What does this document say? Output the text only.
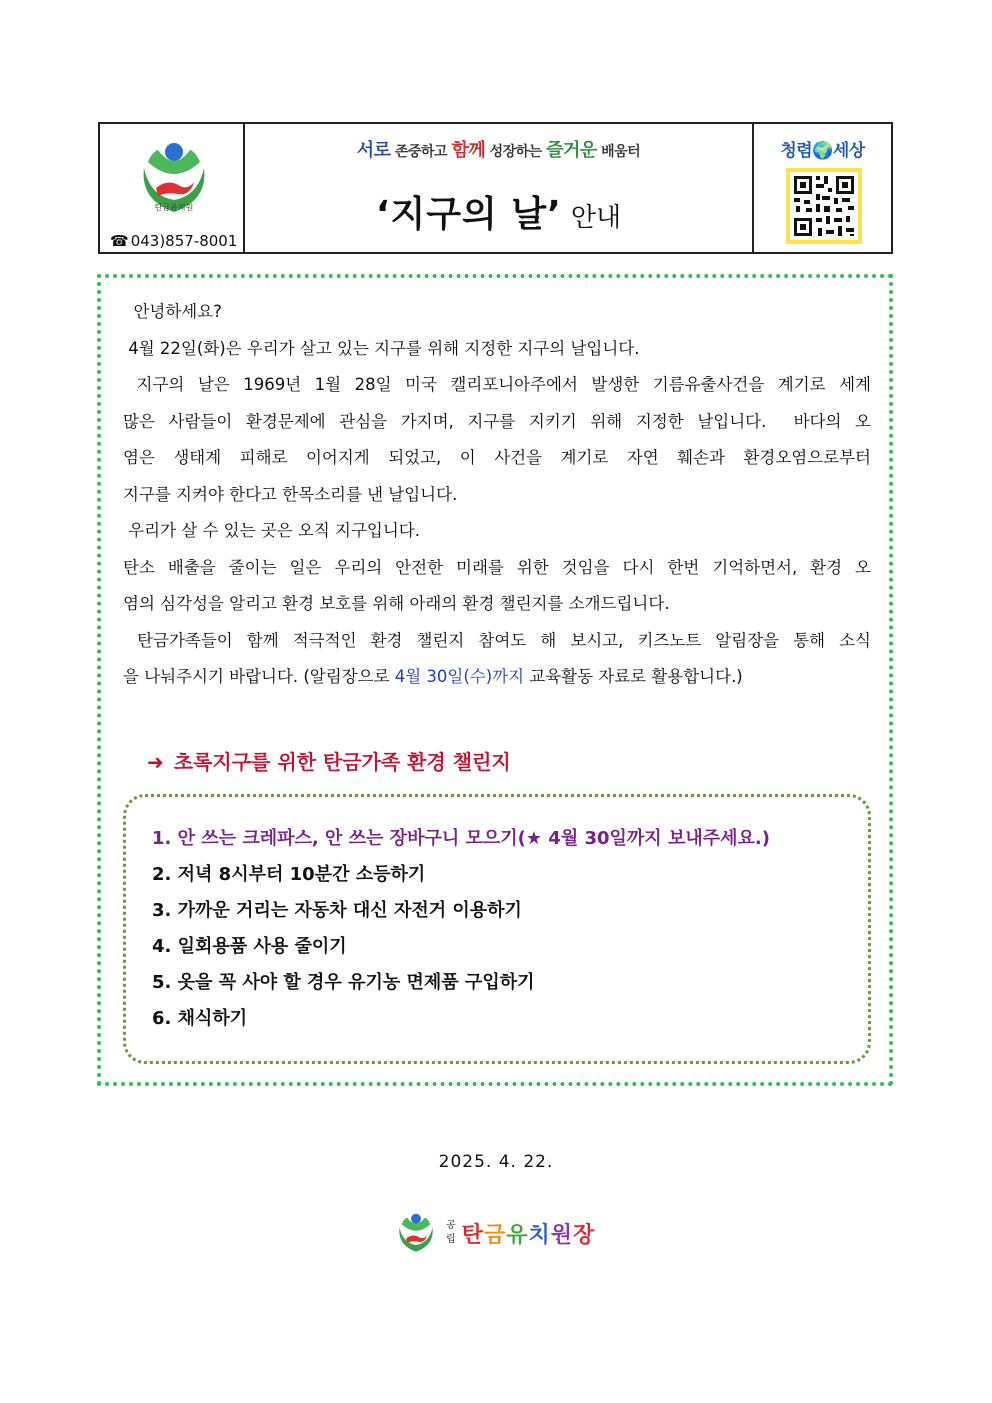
탄금유치원
☎ 043)857-8001
서로 존중하고 함께 성장하는 즐거운 배움터
‘지구의 날’ 안내
청렴🌍세상
안녕하세요?
4월 22일(화)은 우리가 살고 있는 지구를 위해 지정한 지구의 날입니다.
지구의 날은 1969년 1월 28일 미국 캘리포니아주에서 발생한 기름유출사건을 계기로 세계
많은 사람들이 환경문제에 관심을 가지며, 지구를 지키기 위해 지정한 날입니다.  바다의 오
염은 생태계 피해로 이어지게 되었고, 이 사건을 계기로 자연 훼손과 환경오염으로부터
지구를 지켜야 한다고 한목소리를 낸 날입니다.
우리가 살 수 있는 곳은 오직 지구입니다.
탄소 배출을 줄이는 일은 우리의 안전한 미래를 위한 것임을 다시 한번 기억하면서, 환경 오
염의 심각성을 알리고 환경 보호를 위해 아래의 환경 챌린지를 소개드립니다.
탄금가족들이 함께 적극적인 환경 챌린지 참여도 해 보시고, 키즈노트 알림장을 통해 소식
을 나눠주시기 바랍니다. (알림장으로 4월 30일(수)까지 교육활동 자료로 활용합니다.)
➜ 초록지구를 위한 탄금가족 환경 챌린지
1. 안 쓰는 크레파스, 안 쓰는 장바구니 모으기(★ 4월 30일까지 보내주세요.)
2. 저녁 8시부터 10분간 소등하기
3. 가까운 거리는 자동차 대신 자전거 이용하기
4. 일회용품 사용 줄이기
5. 옷을 꼭 사야 할 경우 유기농 면제품 구입하기
6. 채식하기
2025. 4. 22.
공
립 탄금유치원장
